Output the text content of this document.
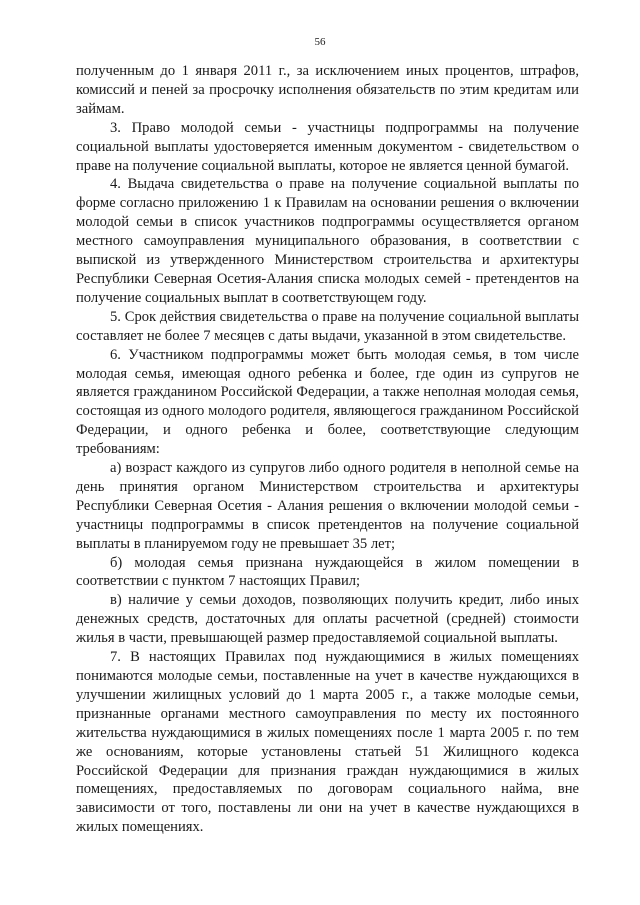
56

полученным до 1 января 2011 г., за исключением иных процентов, штрафов, комиссий и пеней за просрочку исполнения обязательств по этим кредитам или займам.

3. Право молодой семьи - участницы подпрограммы на получение социальной выплаты удостоверяется именным документом - свидетельством о праве на получение социальной выплаты, которое не является ценной бумагой.

4. Выдача свидетельства о праве на получение социальной выплаты по форме согласно приложению 1 к Правилам на основании решения о включении молодой семьи в список участников подпрограммы осуществляется органом местного самоуправления муниципального образования, в соответствии с выпиской из утвержденного Министерством строительства и архитектуры Республики Северная Осетия-Алания списка молодых семей - претендентов на получение социальных выплат в соответствующем году.

5. Срок действия свидетельства о праве на получение социальной выплаты составляет не более 7 месяцев с даты выдачи, указанной в этом свидетельстве.

6. Участником подпрограммы может быть молодая семья, в том числе молодая семья, имеющая одного ребенка и более, где один из супругов не является гражданином Российской Федерации, а также неполная молодая семья, состоящая из одного молодого родителя, являющегося гражданином Российской Федерации, и одного ребенка и более, соответствующие следующим требованиям:

а) возраст каждого из супругов либо одного родителя в неполной семье на день принятия органом Министерством строительства и архитектуры Республики Северная Осетия - Алания решения о включении молодой семьи - участницы подпрограммы в список претендентов на получение социальной выплаты в планируемом году не превышает 35 лет;

б) молодая семья признана нуждающейся в жилом помещении в соответствии с пунктом 7 настоящих Правил;

в) наличие у семьи доходов, позволяющих получить кредит, либо иных денежных средств, достаточных для оплаты расчетной (средней) стоимости жилья в части, превышающей размер предоставляемой социальной выплаты.

7. В настоящих Правилах под нуждающимися в жилых помещениях понимаются молодые семьи, поставленные на учет в качестве нуждающихся в улучшении жилищных условий до 1 марта 2005 г., а также молодые семьи, признанные органами местного самоуправления по месту их постоянного жительства нуждающимися в жилых помещениях после 1 марта 2005 г. по тем же основаниям, которые установлены статьей 51 Жилищного кодекса Российской Федерации для признания граждан нуждающимися в жилых помещениях, предоставляемых по договорам социального найма, вне зависимости от того, поставлены ли они на учет в качестве нуждающихся в жилых помещениях.
